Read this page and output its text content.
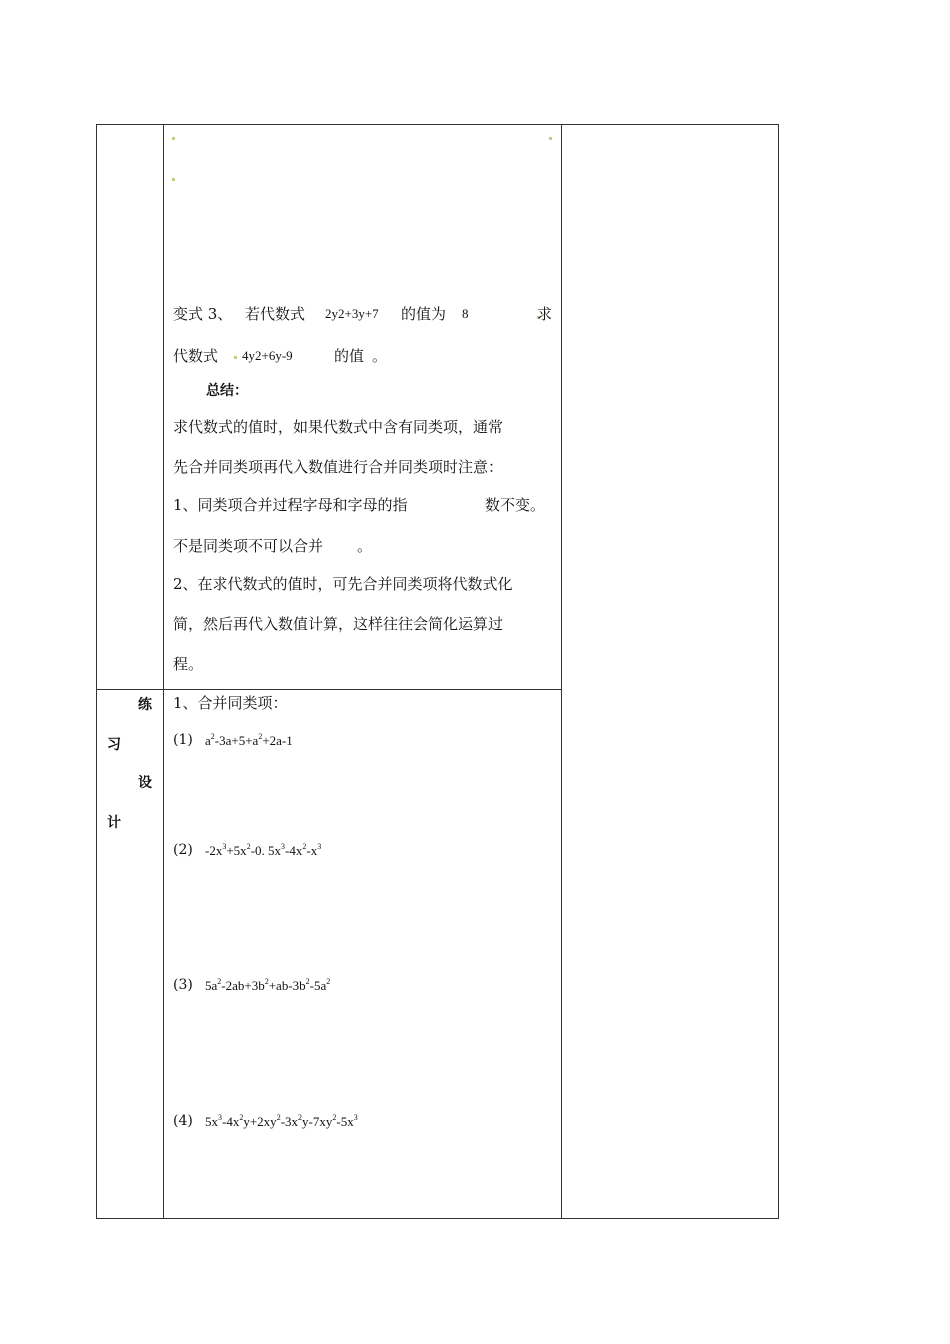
变式 3、 若代数式 2y2+3y+7 的值为 8	求
代数式 4y2+6y-9	的值 。
总结：
求代数式的值时，如果代数式中含有同类项，通常
先合并同类项再代入数值进行合并同类项时注意：
1、同类项合并过程字母和字母的指	数不变。
不是同类项不可以合并 。
2、在求代数式的值时，可先合并同类项将代数式化
简，然后再代入数值计算，这样往往会简化运算过
程。
练
习
设
计
1、合并同类项：
(1) $a^2-3a+5+a^2+2a-1$
(2) $-2x^3+5x^2-0$. $5x^3-4x^2-x^3$
(3) $5a^2-2ab+3b^2+ab-3b^2-5a^2$
(4) $5x^3-4x^2y+2xy^2-3x^2y-7xy^2-5x^3$
